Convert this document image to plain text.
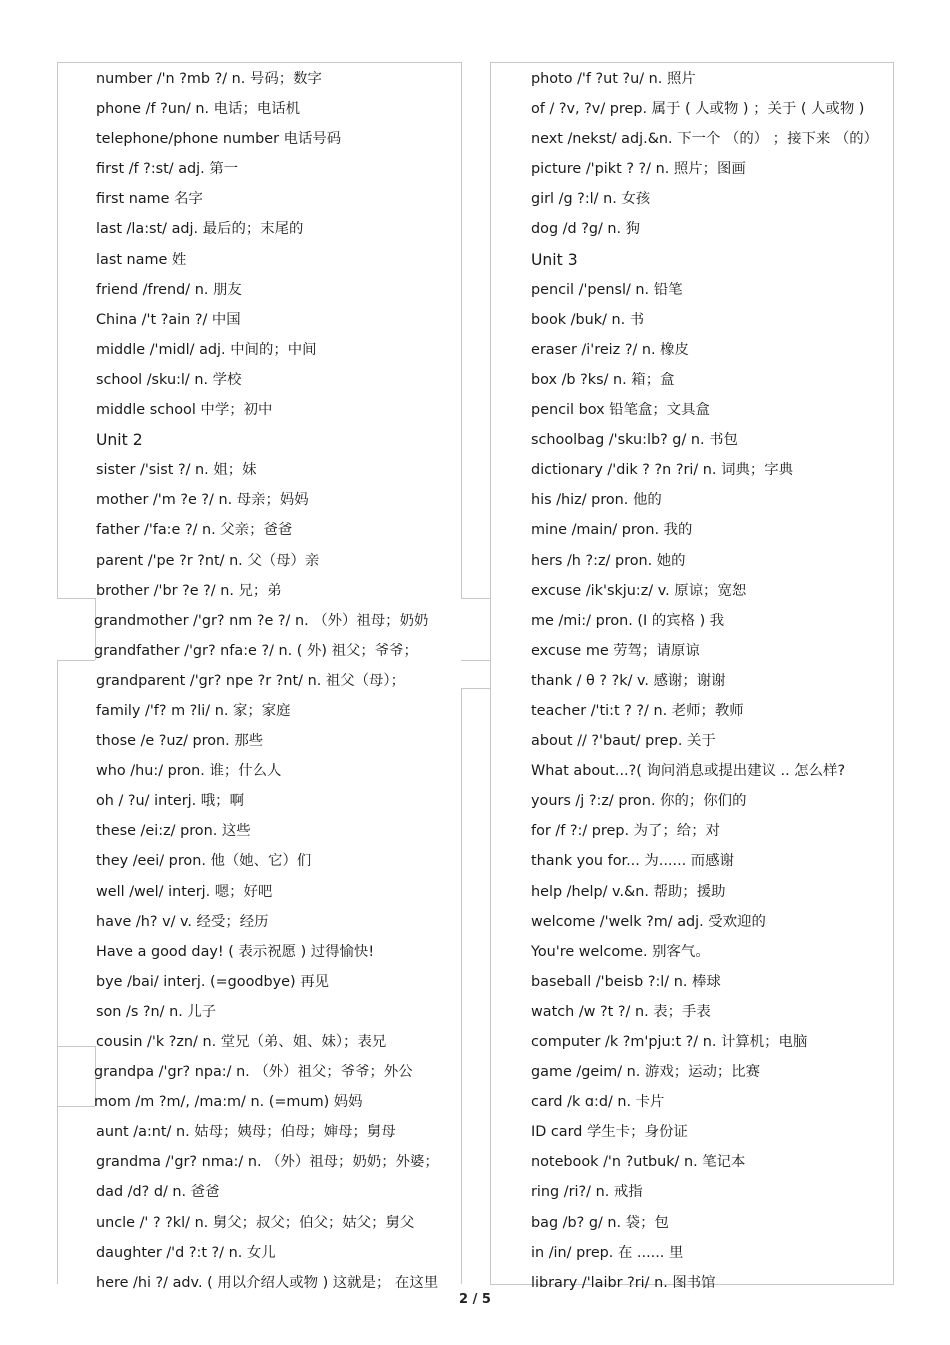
number /'n ?mb ?/ n. 号码；数字
phone /f ?un/ n. 电话；电话机
telephone/phone number 电话号码
first /f ?:st/ adj. 第一
first name 名字
last /la:st/ adj. 最后的；末尾的
last name 姓
friend /frend/ n. 朋友
China /'t ?ain ?/ 中国
middle /'midl/ adj. 中间的；中间
school /sku:l/ n. 学校
middle school 中学；初中
Unit 2
sister /'sist ?/ n. 姐；妹
mother /'m ?e ?/ n. 母亲；妈妈
father /'fa:e ?/ n. 父亲；爸爸
parent /'pe ?r ?nt/ n. 父（母）亲
brother /'br ?e ?/ n. 兄；弟
grandmother /'gr? nm ?e ?/ n. （外）祖母；奶奶
grandfather /'gr? nfa:e ?/ n. ( 外) 祖父；爷爷；
grandparent /'gr? npe ?r ?nt/ n. 祖父（母）；
family /'f? m ?li/ n. 家；家庭
those /e ?uz/ pron. 那些
who /hu:/ pron. 谁；什么人
oh / ?u/ interj. 哦；啊
these /ei:z/ pron. 这些
they /eei/ pron. 他（她、它）们
well /wel/ interj. 嗯；好吧
have /h? v/ v. 经受；经历
Have a good day! ( 表示祝愿 ) 过得愉快!
bye /bai/ interj. (=goodbye) 再见
son /s ?n/ n. 儿子
cousin /'k ?zn/ n. 堂兄（弟、姐、妹）；表兄
grandpa /'gr? npa:/ n. （外）祖父；爷爷；外公
mom /m ?m/, /ma:m/ n. (=mum) 妈妈
aunt /a:nt/ n. 姑母；姨母；伯母；婶母；舅母
grandma /'gr? nma:/ n. （外）祖母；奶奶；外婆；
dad /d? d/ n. 爸爸
uncle /' ? ?kl/ n. 舅父；叔父；伯父；姑父；舅父
daughter /'d ?:t ?/ n. 女儿
here /hi ?/ adv. ( 用以介绍人或物 ) 这就是； 在这里
photo /'f ?ut ?u/ n. 照片
of / ?v, ?v/ prep. 属于 ( 人或物 ) ；关于 ( 人或物 )
next /nekst/ adj.&n. 下一个 （的） ；接下来 （的）
picture /'pikt ? ?/ n. 照片；图画
girl /g ?:l/ n. 女孩
dog /d ?g/ n. 狗
Unit 3
pencil /'pensl/ n. 铅笔
book /buk/ n. 书
eraser /i'reiz ?/ n. 橡皮
box /b ?ks/ n. 箱；盒
pencil box 铅笔盒；文具盒
schoolbag /'sku:lb? g/ n. 书包
dictionary /'dik ? ?n ?ri/ n. 词典；字典
his /hiz/ pron. 他的
mine /main/ pron. 我的
hers /h ?:z/ pron. 她的
excuse /ik'skju:z/ v. 原谅；宽恕
me /mi:/ pron. (I 的宾格 ) 我
excuse me 劳驾；请原谅
thank / θ ? ?k/ v. 感谢；谢谢
teacher /'ti:t ? ?/ n. 老师；教师
about // ?'baut/ prep. 关于
What about...?( 询问消息或提出建议 .. 怎么样?
yours /j ?:z/ pron. 你的；你们的
for /f ?:/ prep. 为了；给；对
thank you for... 为...... 而感谢
help /help/ v.&n. 帮助；援助
welcome /'welk ?m/ adj. 受欢迎的
You're welcome. 别客气。
baseball /'beisb ?:l/ n. 棒球
watch /w ?t ?/ n. 表；手表
computer /k ?m'pju:t ?/ n. 计算机；电脑
game /geim/ n. 游戏；运动；比赛
card /k ɑ:d/ n. 卡片
ID card 学生卡；身份证
notebook /'n ?utbuk/ n. 笔记本
ring /ri?/ n. 戒指
bag /b? g/ n. 袋；包
in /in/ prep. 在 ...... 里
library /'laibr ?ri/ n. 图书馆
2 / 5
